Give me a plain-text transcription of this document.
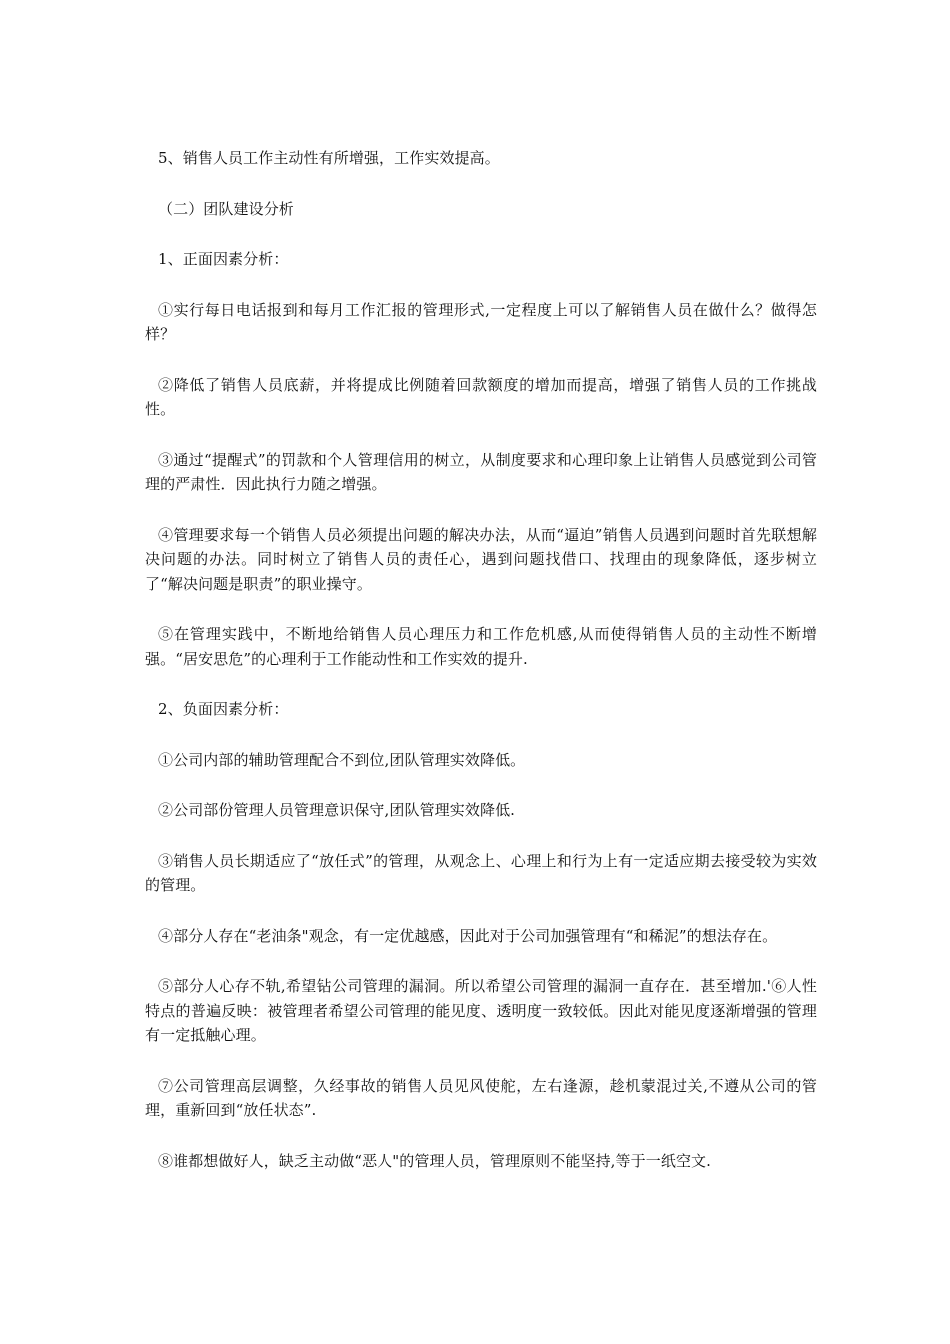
5、销售人员工作主动性有所增强，工作实效提高。

（二）团队建设分析

1、正面因素分析：

①实行每日电话报到和每月工作汇报的管理形式,一定程度上可以了解销售人员在做什么？做得怎样？

②降低了销售人员底薪，并将提成比例随着回款额度的增加而提高，增强了销售人员的工作挑战性。

③通过“提醒式”的罚款和个人管理信用的树立，从制度要求和心理印象上让销售人员感觉到公司管理的严肃性．因此执行力随之增强。

④管理要求每一个销售人员必须提出问题的解决办法，从而“逼迫”销售人员遇到问题时首先联想解决问题的办法。同时树立了销售人员的责任心，遇到问题找借口、找理由的现象降低，逐步树立了“解决问题是职责”的职业操守。

⑤在管理实践中，不断地给销售人员心理压力和工作危机感,从而使得销售人员的主动性不断增强。“居安思危”的心理利于工作能动性和工作实效的提升.

2、负面因素分析：

①公司内部的辅助管理配合不到位,团队管理实效降低。

②公司部份管理人员管理意识保守,团队管理实效降低.

③销售人员长期适应了“放任式”的管理，从观念上、心理上和行为上有一定适应期去接受较为实效的管理。

④部分人存在“老油条"观念，有一定优越感，因此对于公司加强管理有“和稀泥”的想法存在。

⑤部分人心存不轨,希望钻公司管理的漏洞。所以希望公司管理的漏洞一直存在．甚至增加.'⑥人性特点的普遍反映：被管理者希望公司管理的能见度、透明度一致较低。因此对能见度逐渐增强的管理有一定抵触心理。

⑦公司管理高层调整，久经事故的销售人员见风使舵，左右逢源，趁机蒙混过关,不遵从公司的管理，重新回到“放任状态”.

⑧谁都想做好人，缺乏主动做“恶人"的管理人员，管理原则不能坚持,等于一纸空文.
